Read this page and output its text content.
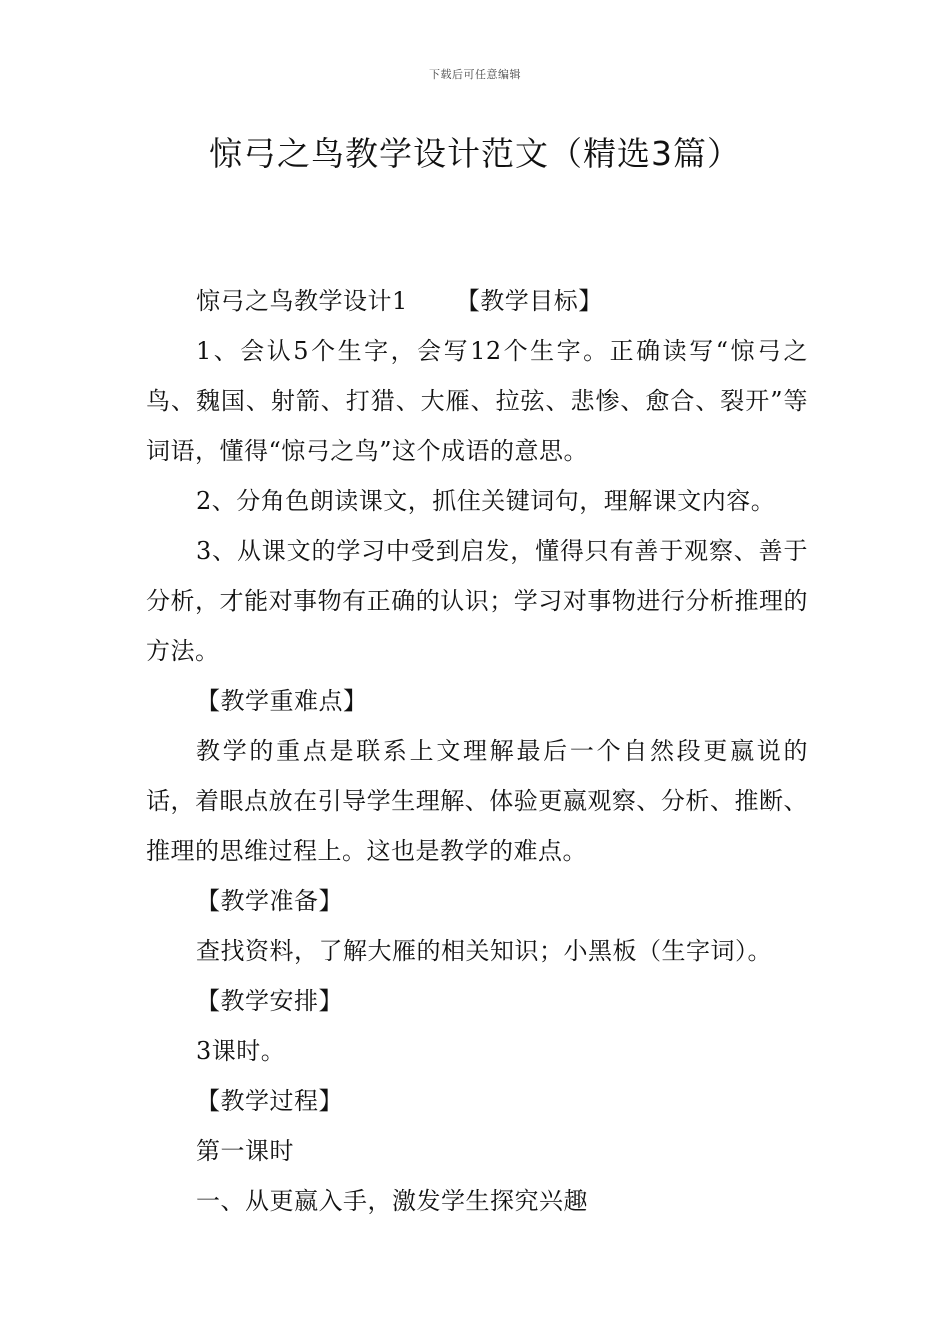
下载后可任意编辑
惊弓之鸟教学设计范文（精选3篇）

惊弓之鸟教学设计1 【教学目标】

1、会认5个生字，会写12个生字。正确读写“惊弓之鸟、魏国、射箭、打猎、大雁、拉弦、悲惨、愈合、裂开”等词语，懂得“惊弓之鸟”这个成语的意思。

2、分角色朗读课文，抓住关键词句，理解课文内容。

3、从课文的学习中受到启发，懂得只有善于观察、善于分析，才能对事物有正确的认识；学习对事物进行分析推理的方法。

【教学重难点】

教学的重点是联系上文理解最后一个自然段更嬴说的话，着眼点放在引导学生理解、体验更嬴观察、分析、推断、推理的思维过程上。这也是教学的难点。

【教学准备】

查找资料，了解大雁的相关知识；小黑板（生字词）。

【教学安排】

3课时。

【教学过程】

第一课时

一、从更嬴入手，激发学生探究兴趣
